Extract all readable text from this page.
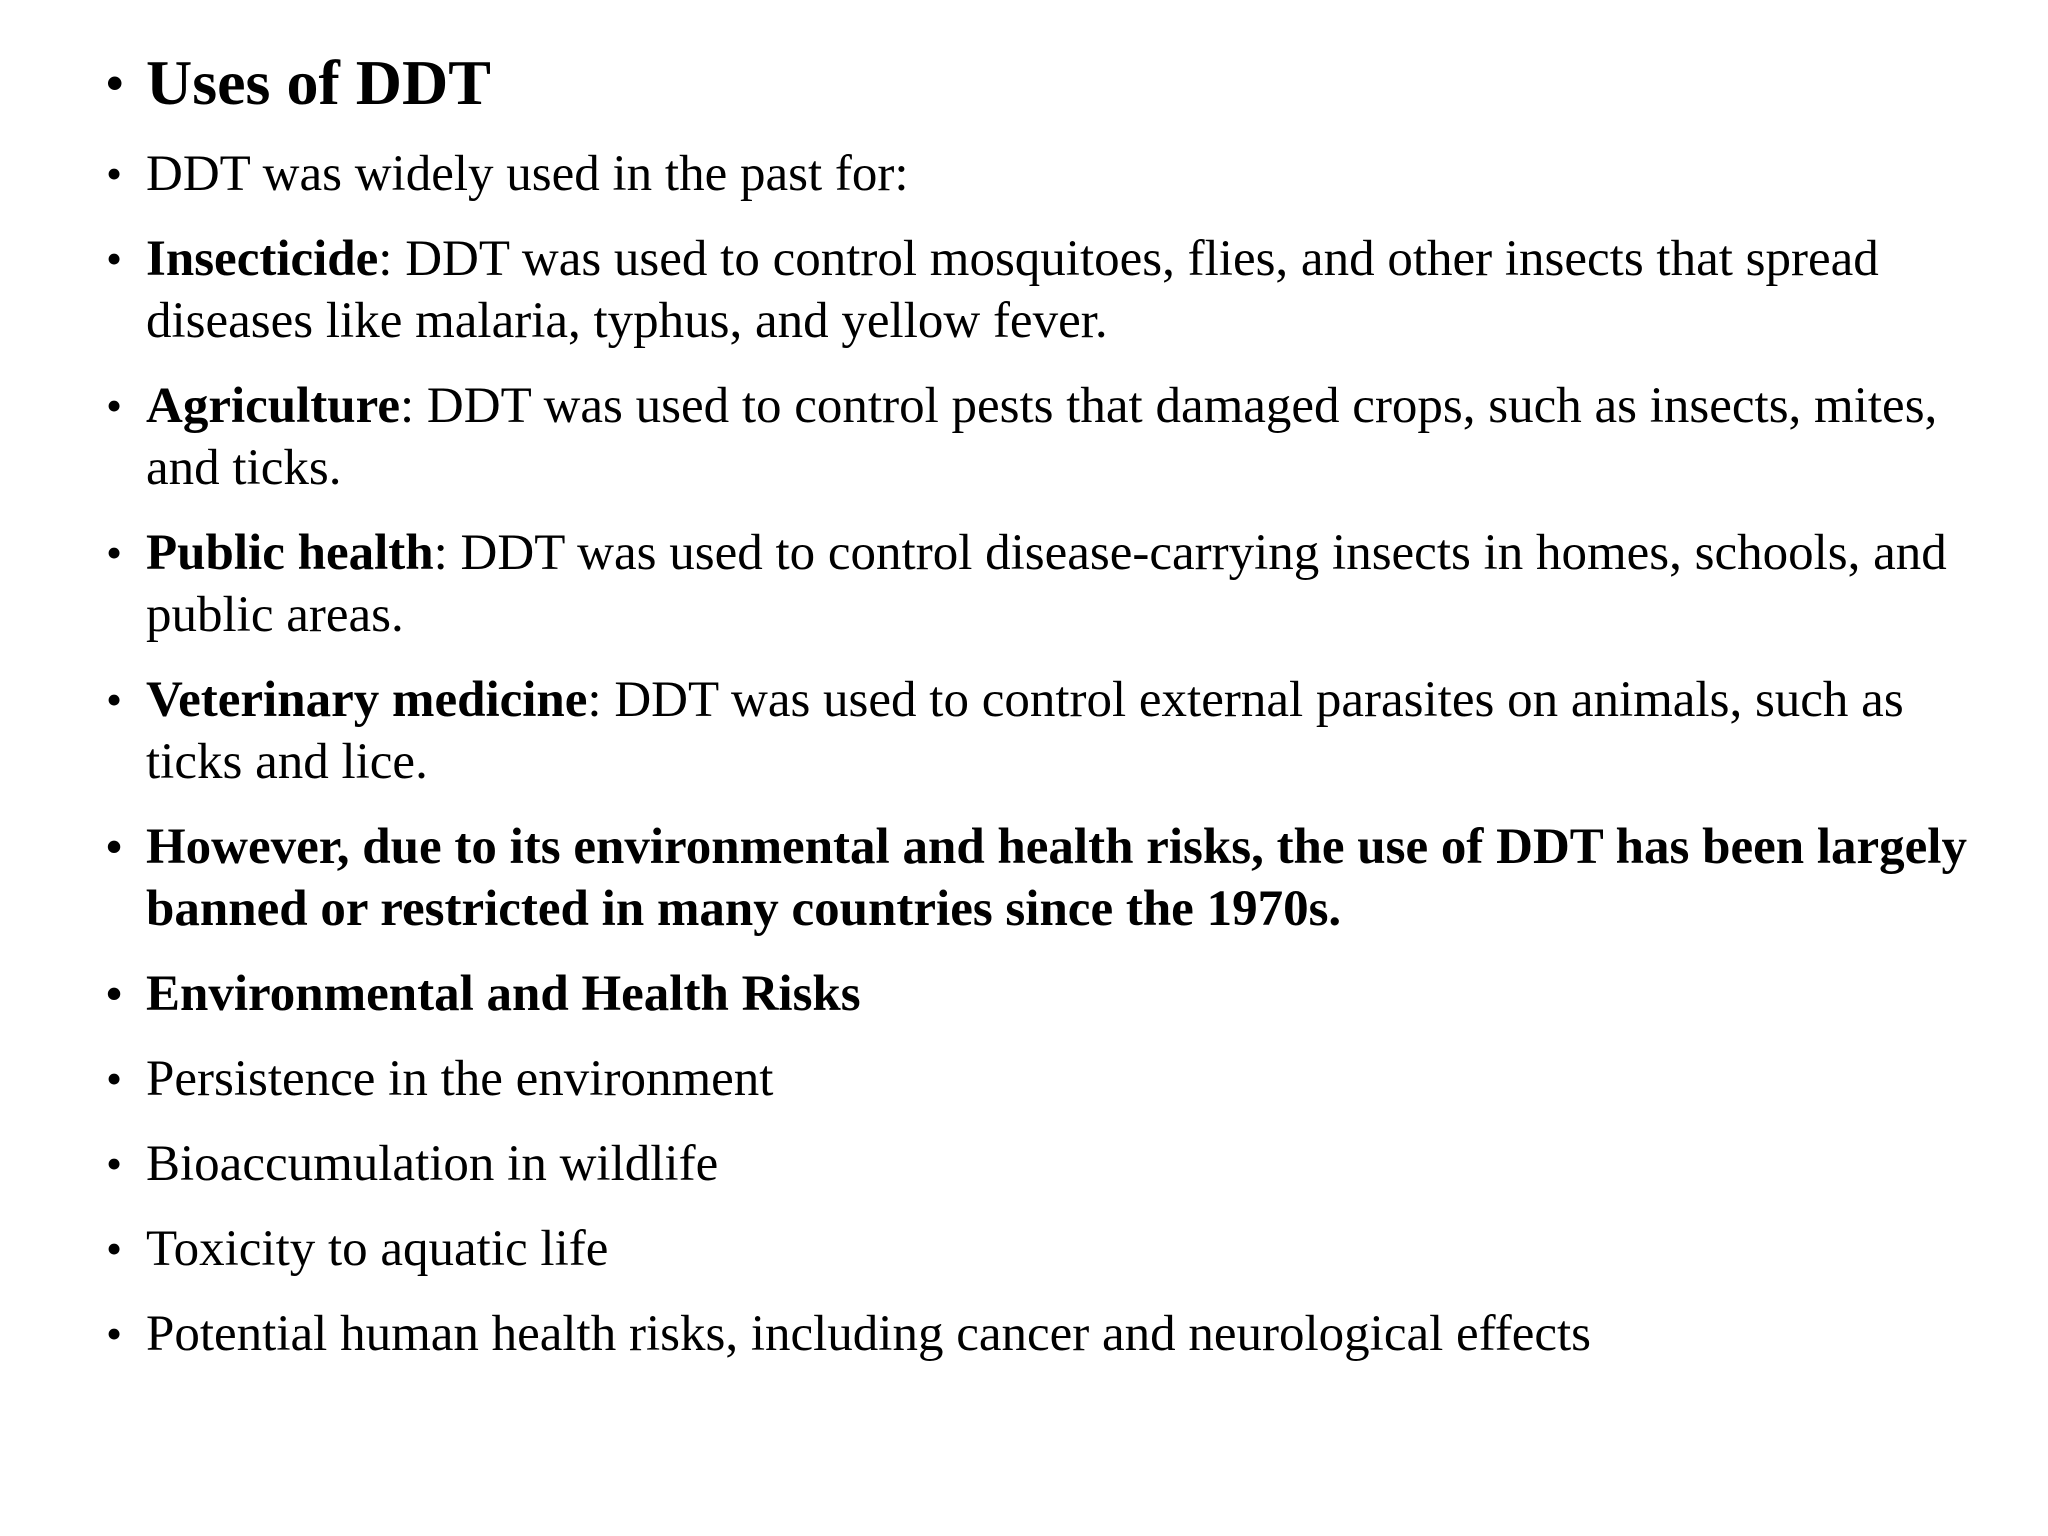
• Uses of DDT
• DDT was widely used in the past for:
• Insecticide: DDT was used to control mosquitoes, flies, and other insects that spread diseases like malaria, typhus, and yellow fever.
• Agriculture: DDT was used to control pests that damaged crops, such as insects, mites, and ticks.
• Public health: DDT was used to control disease-carrying insects in homes, schools, and public areas.
• Veterinary medicine: DDT was used to control external parasites on animals, such as ticks and lice.
• However, due to its environmental and health risks, the use of DDT has been largely banned or restricted in many countries since the 1970s.
• Environmental and Health Risks
• Persistence in the environment
• Bioaccumulation in wildlife
• Toxicity to aquatic life
• Potential human health risks, including cancer and neurological effects
